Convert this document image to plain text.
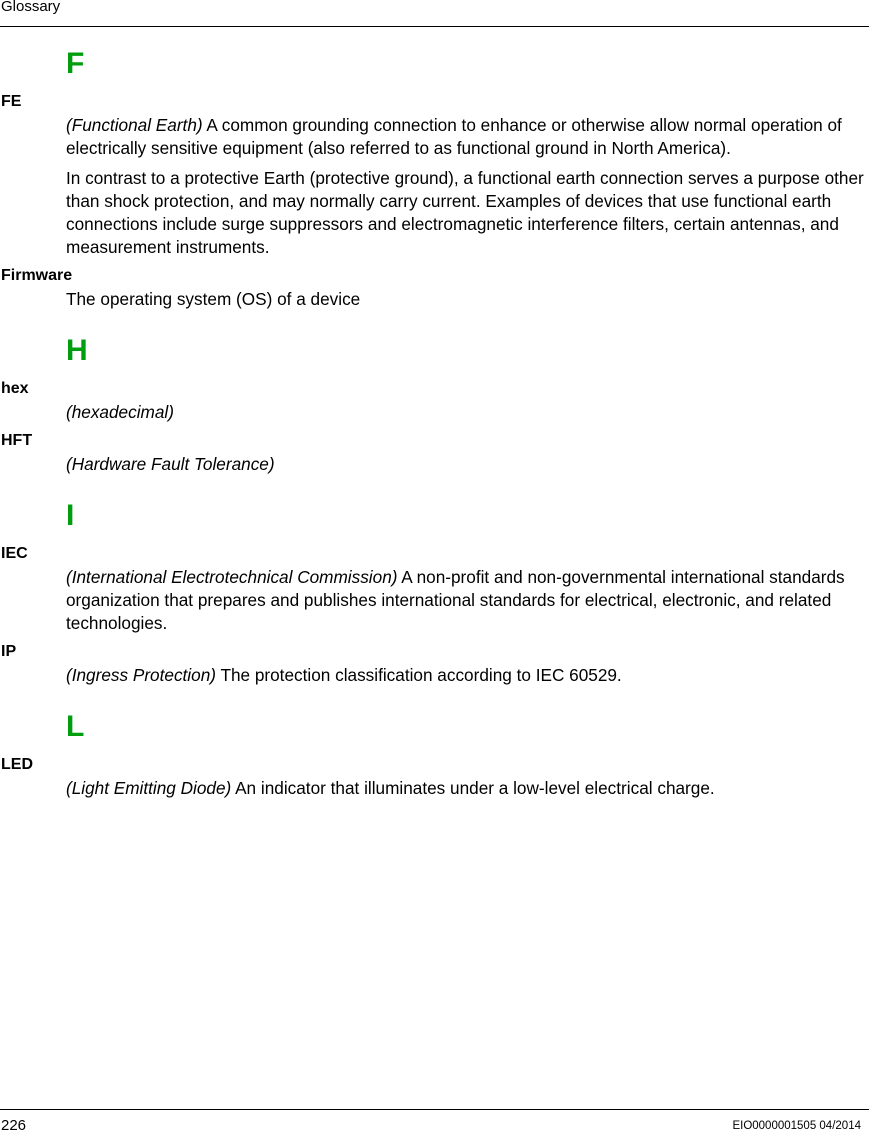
Glossary
F
FE

(Functional Earth) A common grounding connection to enhance or otherwise allow normal operation of electrically sensitive equipment (also referred to as functional ground in North America).

In contrast to a protective Earth (protective ground), a functional earth connection serves a purpose other than shock protection, and may normally carry current. Examples of devices that use functional earth connections include surge suppressors and electromagnetic interference filters, certain antennas, and measurement instruments.

Firmware

The operating system (OS) of a device

H
hex

(hexadecimal)

HFT

(Hardware Fault Tolerance)

I
IEC

(International Electrotechnical Commission) A non-profit and non-governmental international standards organization that prepares and publishes international standards for electrical, electronic, and related technologies.

IP

(Ingress Protection) The protection classification according to IEC 60529.

L
LED

(Light Emitting Diode) An indicator that illuminates under a low-level electrical charge.

226	EIO0000001505 04/2014
